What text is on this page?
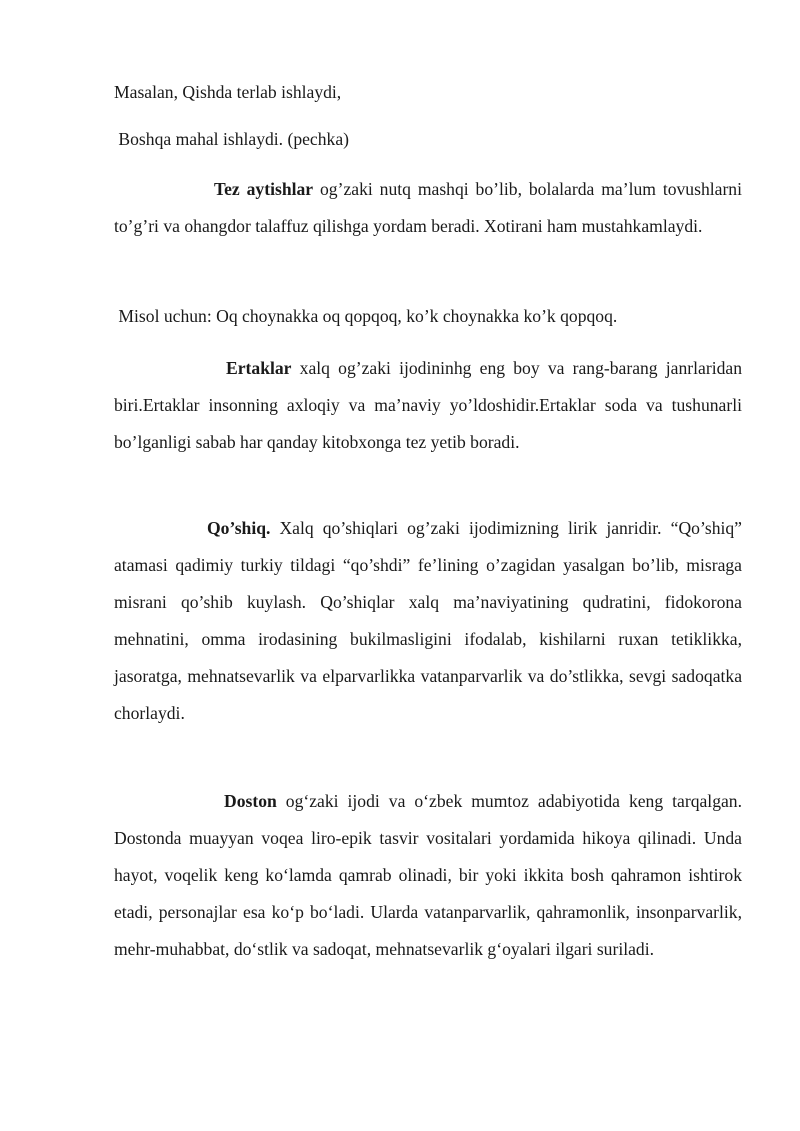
Masalan, Qishda terlab ishlaydi,
Boshqa mahal ishlaydi. (pechka)

Tez aytishlar og’zaki nutq mashqi bo’lib, bolalarda ma’lum tovushlarni to’g’ri va ohangdor talaffuz qilishga yordam beradi. Xotirani ham mustahkamlaydi.

Misol uchun: Oq choynakka oq qopqoq, ko’k choynakka ko’k qopqoq.

Ertaklar xalq og’zaki ijodininhg eng boy va rang-barang janrlaridan biri.Ertaklar insonning axloqiy va ma’naviy yo’ldoshidir.Ertaklar soda va tushunarli bo’lganligi sabab har qanday kitobxonga tez yetib boradi.

Qo’shiq. Xalq qo’shiqlari og’zaki ijodimizning lirik janridir. “Qo’shiq” atamasi qadimiy turkiy tildagi “qo’shdi” fe’lining o’zagidan yasalgan bo’lib, misraga misrani qo’shib kuylash. Qo’shiqlar xalq ma’naviyatining qudratini, fidokorona mehnatini, omma irodasining bukilmasligini ifodalab, kishilarni ruxan tetiklikka, jasoratga, mehnatsevarlik va elparvarlikka vatanparvarlik va do’stlikka, sevgi sadoqatka chorlaydi.

Doston og‘zaki ijodi va o‘zbek mumtoz adabiyotida keng tarqalgan. Dostonda muayyan voqea liro-epik tasvir vositalari yordamida hikoya qilinadi. Unda hayot, voqelik keng ko‘lamda qamrab olinadi, bir yoki ikkita bosh qahramon ishtirok etadi, personajlar esa ko‘p bo‘ladi. Ularda vatanparvarlik, qahramonlik, insonparvarlik, mehr-muhabbat, do‘stlik va sadoqat, mehnatsevarlik g‘oyalari ilgari suriladi.
